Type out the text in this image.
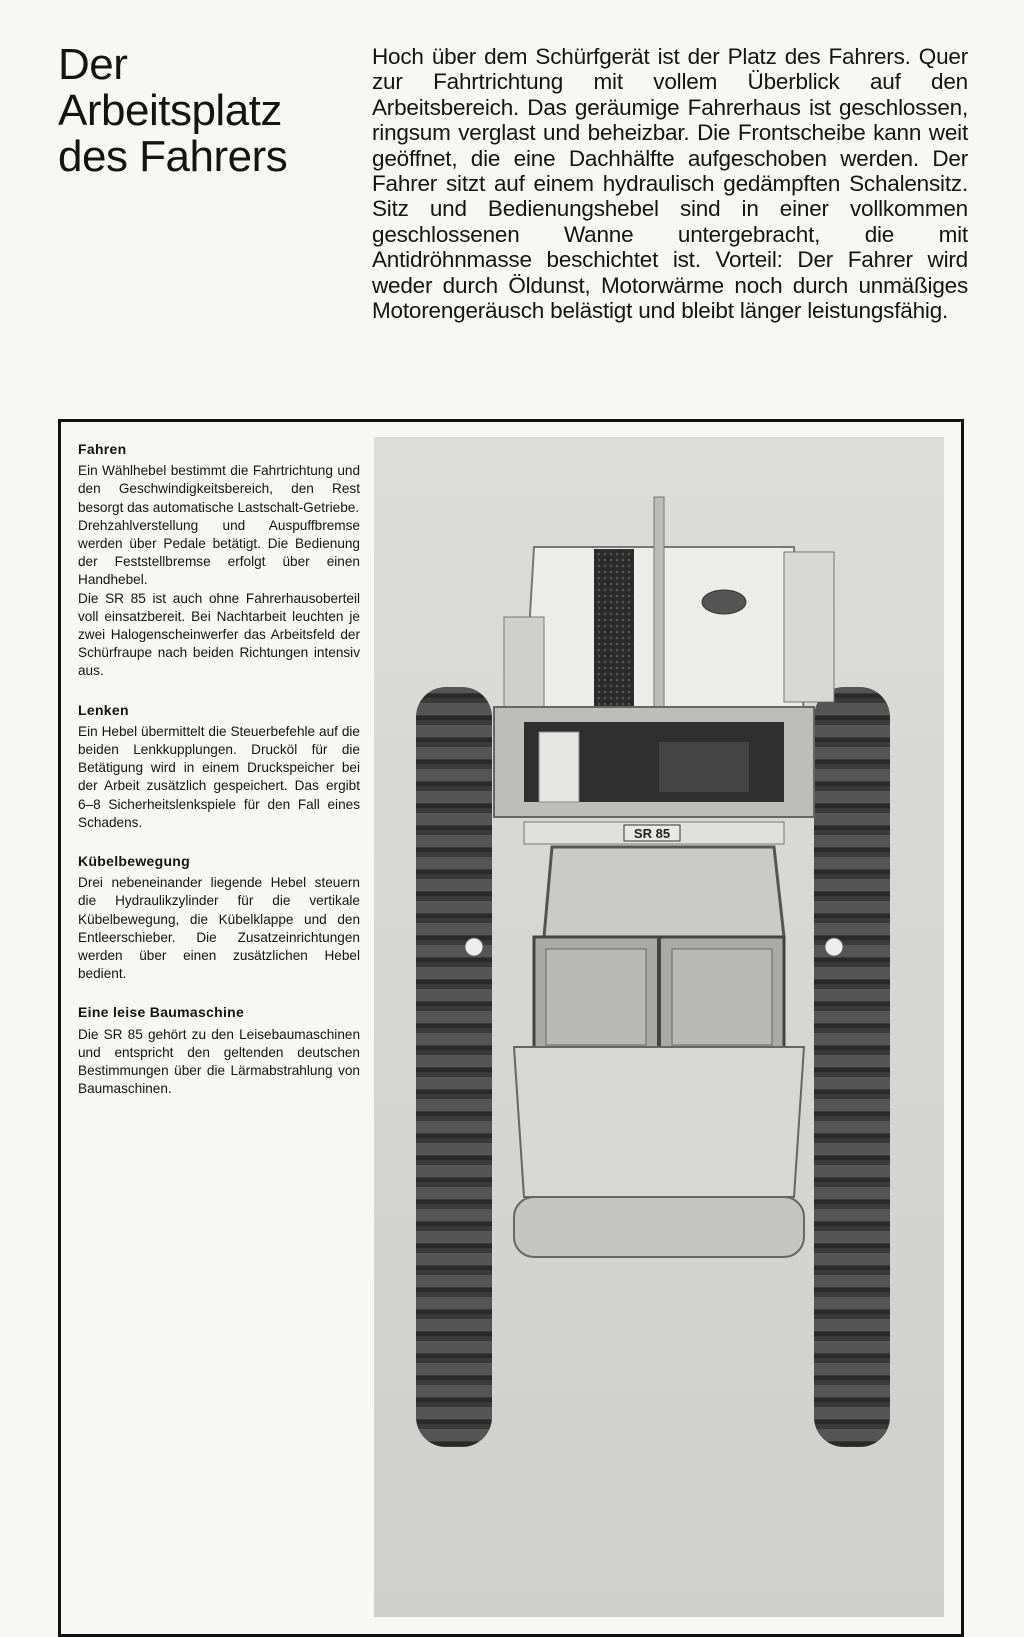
Der
Arbeitsplatz
des Fahrers

Hoch über dem Schürfgerät ist der Platz des Fahrers. Quer zur Fahrtrichtung mit vollem Überblick auf den Arbeitsbereich. Das geräumige Fahrerhaus ist geschlossen, ringsum verglast und beheizbar. Die Frontscheibe kann weit geöffnet, die eine Dachhälfte aufgeschoben werden. Der Fahrer sitzt auf einem hydraulisch gedämpften Schalensitz. Sitz und Bedienungshebel sind in einer vollkommen geschlossenen Wanne untergebracht, die mit Antidröhnmasse beschichtet ist. Vorteil: Der Fahrer wird weder durch Öldunst, Motorwärme noch durch unmäßiges Motorengeräusch belästigt und bleibt länger leistungsfähig.

Fahren

Ein Wählhebel bestimmt die Fahrtrichtung und den Geschwindigkeitsbereich, den Rest besorgt das automatische Lastschalt-Getriebe.

Drehzahlverstellung und Auspuffbremse werden über Pedale betätigt. Die Bedienung der Feststellbremse erfolgt über einen Handhebel.

Die SR 85 ist auch ohne Fahrerhausoberteil voll einsatzbereit. Bei Nachtarbeit leuchten je zwei Halogenscheinwerfer das Arbeitsfeld der Schürfraupe nach beiden Richtungen intensiv aus.

Lenken

Ein Hebel übermittelt die Steuerbefehle auf die beiden Lenkkupplungen. Drucköl für die Betätigung wird in einem Druckspeicher bei der Arbeit zusätzlich gespeichert. Das ergibt 6–8 Sicherheitslenkspiele für den Fall eines Schadens.

Kübelbewegung

Drei nebeneinander liegende Hebel steuern die Hydraulikzylinder für die vertikale Kübelbewegung, die Kübelklappe und den Entleerschieber. Die Zusatzeinrichtungen werden über einen zusätzlichen Hebel bedient.

Eine leise Baumaschine

Die SR 85 gehört zu den Leisebaumaschinen und entspricht den geltenden deutschen Bestimmungen über die Lärmabstrahlung von Baumaschinen.

SR 85
